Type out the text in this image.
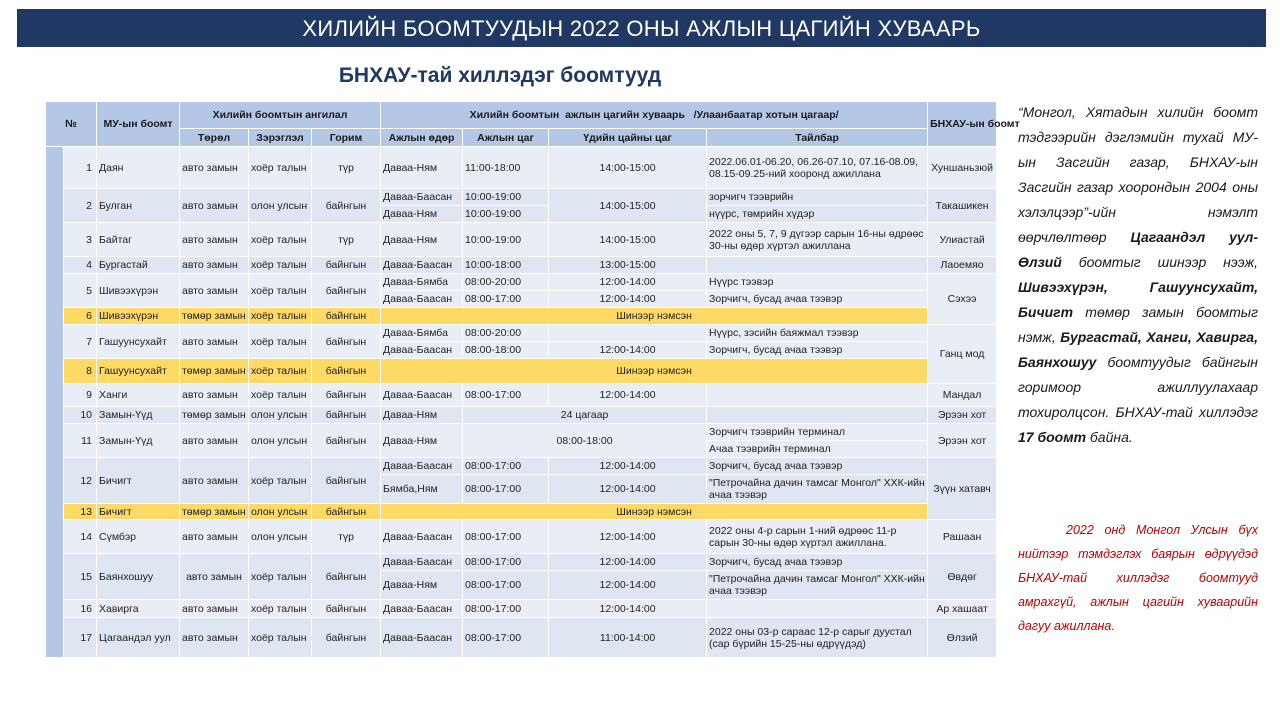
ХИЛИЙН БООМТУУДЫН 2022 ОНЫ АЖЛЫН ЦАГИЙН ХУВААРЬ
БНХАУ-тай хиллэдэг боомтууд
№		МУ-ын боомт	Хилийн боомтын ангилал			Хилийн боомтын  ажлын цагийн хуваарь   /Улаанбаатар хотын цагаар/				БНХАУ-ын боомт
			Төрөл	Зэрэглэл	Горим	Ажлын өдөр	Ажлын цаг	Үдийн цайны цаг	Тайлбар	
	1	Даян	авто замын	хоёр талын	түр	Даваа-Ням	11:00-18:00	14:00-15:00	2022.06.01-06.20, 06.26-07.10, 07.16-08.09, 08.15-09.25-ний хооронд ажиллана	Хуншаньзюй
	2	Булган	авто замын	олон улсын	байнгын	Даваа-Баасан	10:00-19:00	14:00-15:00	зорчигч тээврийн	Такашикен
						Даваа-Ням	10:00-19:00		нүүрс, төмрийн хүдэр	
	3	Байтаг	авто замын	хоёр талын	түр	Даваа-Ням	10:00-19:00	14:00-15:00	2022 оны 5, 7, 9 дүгээр сарын 16-ны өдрөөс 30-ны өдөр хүртэл ажиллана	Улиастай
	4	Бургастай	авто замын	хоёр талын	байнгын	Даваа-Баасан	10:00-18:00	13:00-15:00		Лаоемяо
	5	Шивээхүрэн	авто замын	хоёр талын	байнгын	Даваа-Бямба	08:00-20:00	12:00-14:00	Нүүрс тээвэр	Сэхээ
						Даваа-Баасан	08:00-17:00	12:00-14:00	Зорчигч, бусад ачаа тээвэр	
	6	Шивээхүрэн	төмөр замын	хоёр талын	байнгын	Шинээр нэмсэн				
	7	Гашуунсухайт	авто замын	хоёр талын	байнгын	Даваа-Бямба	08:00-20:00		Нүүрс, зэсийн баяжмал тээвэр	Ганц мод
						Даваа-Баасан	08:00-18:00	12:00-14:00	Зорчигч, бусад ачаа тээвэр	
	8	Гашуунсухайт	төмөр замын	хоёр талын	байнгын	Шинээр нэмсэн				
	9	Ханги	авто замын	хоёр талын	байнгын	Даваа-Баасан	08:00-17:00	12:00-14:00		Мандал
	10	Замын-Үүд	төмөр замын	олон улсын	байнгын	Даваа-Ням	24 цагаар			Эрээн хот
	11	Замын-Үүд	авто замын	олон улсын	байнгын	Даваа-Ням	08:00-18:00		Зорчигч тээврийн терминал	Эрээн хот
									Ачаа тээврийн терминал	
	12	Бичигт	авто замын	хоёр талын	байнгын	Даваа-Баасан	08:00-17:00	12:00-14:00	Зорчигч, бусад ачаа тээвэр	Зүүн хатавч
						Бямба,Ням	08:00-17:00	12:00-14:00	"Петрочайна дачин тамсаг Монгол" ХХК-ийн ачаа тээвэр	
	13	Бичигт	төмөр замын	олон улсын	байнгын	Шинээр нэмсэн				
	14	Сүмбэр	авто замын	олон улсын	түр	Даваа-Баасан	08:00-17:00	12:00-14:00	2022 оны 4-р сарын 1-ний өдрөөс 11-р сарын 30-ны өдөр хүртэл ажиллана.	Рашаан
	15	Баянхошуу	авто замын	хоёр талын	байнгын	Даваа-Баасан	08:00-17:00	12:00-14:00	Зорчигч, бусад ачаа тээвэр	Өвдөг
						Даваа-Ням	08:00-17:00	12:00-14:00	"Петрочайна дачин тамсаг Монгол" ХХК-ийн ачаа тээвэр	
	16	Хавирга	авто замын	хоёр талын	байнгын	Даваа-Баасан	08:00-17:00	12:00-14:00		Ар хашаат
	17	Цагаандэл уул	авто замын	хоёр талын	байнгын	Даваа-Баасан	08:00-17:00	11:00-14:00	2022 оны 03-р сараас 12-р сарыг дуустал (сар бүрийн 15-25-ны өдрүүдэд)	Өлзий
“Монгол, Хятадын хилийн боомт тэдгээрийн дэглэмийн тухай МУ-ын Засгийн газар, БНХАУ-ын Засгийн газар хоорондын 2004 оны хэлэлцээр”-ийн нэмэлт өөрчлөлтөөр Цагаандэл уул-Өлзий боомтыг шинээр нээж, Шивээхүрэн, Гашуунсухайт, Бичигт төмөр замын боомтыг нэмж, Бургастай, Ханги, Хавирга, Баянхошуу боомтуудыг байнгын горимоор ажиллуулахаар тохиролцсон. БНХАУ-тай хиллэдэг 17 боомт байна.
2022 онд Монгол Улсын бүх нийтээр тэмдэглэх баярын өдрүүдэд БНХАУ-тай хиллэдэг боомтууд амрахгүй, ажлын цагийн хуваарийн дагуу ажиллана.
